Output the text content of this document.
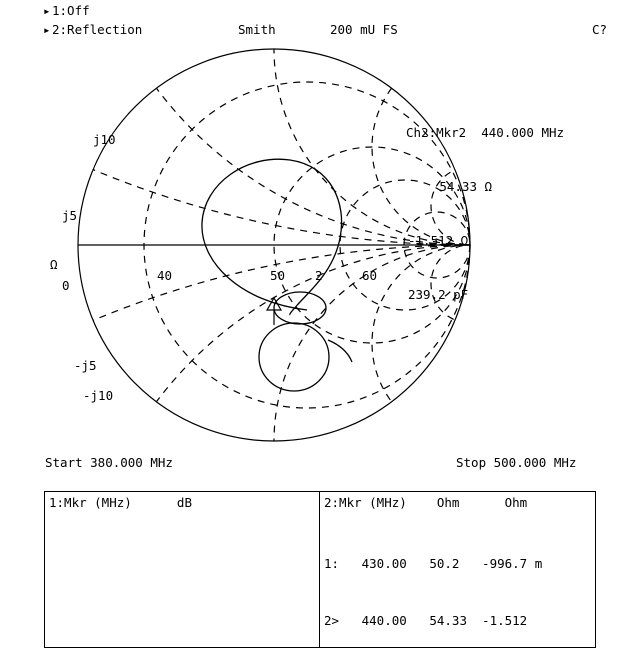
▸1:Off
▸2:Reflection	Smith	200 mU FS	C?

Ch2:Mkr2  440.000 MHz

54.33 Ω

-1.512 Ω

239.2 pF

j10
j5
Ω
0
40	50 2	60
-j5
-j10
Start 380.000 MHz	Stop 500.000 MHz
1:Mkr (MHz)      dB	2:Mkr (MHz)    Ohm      Ohm

1:   430.00   50.2   -996.7 m

2>   440.00   54.33  -1.512
